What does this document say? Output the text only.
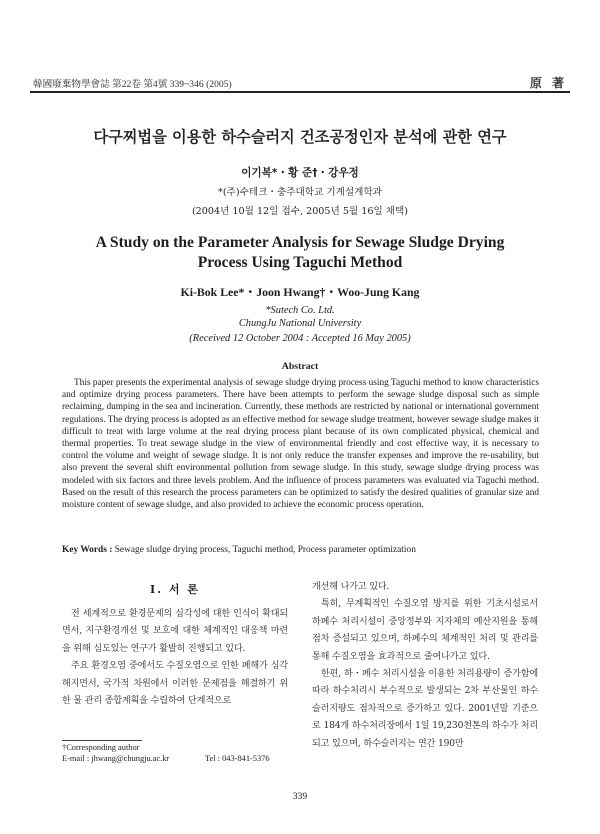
韓國廢棄物學會誌 第22卷 第4號 339~346 (2005)	原 著
다구찌법을 이용한 하수슬러지 건조공정인자 분석에 관한 연구
이기복*・황 준†・강우정
*(주)수테크・충주대학교 기계설계학과
(2004년 10월 12일 접수, 2005년 5월 16일 채택)
A Study on the Parameter Analysis for Sewage Sludge Drying
Process Using Taguchi Method
Ki-Bok Lee*・Joon Hwang†・Woo-Jung Kang
*Sutech Co. Ltd.
ChungJu National University
(Received 12 October 2004 : Accepted 16 May 2005)
Abstract

This paper presents the experimental analysis of sewage sludge drying process using Taguchi method to know characteristics and optimize drying process parameters. There have been attempts to perform the sewage sludge disposal such as simple reclaiming, dumping in the sea and incineration. Currently, these methods are restricted by national or international government regulations. The drying process is adopted as an effective method for sewage sludge treatment, however sewage sludge makes it difficult to treat with large volume at the real drying process plant because of its own complicated physical, chemical and thermal properties. To treat sewage sludge in the view of environmental friendly and cost effective way, it is necessary to control the volume and weight of sewage sludge. It is not only reduce the transfer expenses and improve the re-usability, but also prevent the several shift environmental pollution from sewage sludge. In this study, sewage sludge drying process was modeled with six factors and three levels problem. And the influence of process parameters was evaluated via Taguchi method. Based on the result of this research the process parameters can be optimized to satisfy the desired qualities of granular size and moisture content of sewage sludge, and also provided to achieve the economic process operation.

Key Words : Sewage sludge drying process, Taguchi method, Process parameter optimization
I. 서 론

전 세계적으로 환경문제의 심각성에 대한 인식이 확대되면서, 지구환경개선 및 보호에 대한 체계적인 대응책 마련을 위해 심도있는 연구가 활발히 진행되고 있다.

주요 환경오염 중에서도 수질오염으로 인한 폐해가 심각해지면서, 국가적 차원에서 이러한 문제점을 해결하기 위한 물 관리 종합계획을 수립하여 단계적으로

개선해 나가고 있다.

특히, 무계획적인 수질오염 방지를 위한 기초시설로서 하폐수 처리시설이 중앙정부와 지자체의 예산지원을 통해 점차 증설되고 있으며, 하폐수의 체계적인 처리 및 관리를 통해 수질오염을 효과적으로 줄여나가고 있다.

한편, 하・폐수 처리시설을 이용한 처리용량이 증가함에 따라 하수처리시 부수적으로 발생되는 2차 부산물인 하수슬러지량도 점차적으로 증가하고 있다. 2001년말 기준으로 184개 하수처리장에서 1일 19,230천톤의 하수가 처리되고 있으며, 하수슬러지는 연간 190만

†Corresponding author
E-mail : jhwang@chungju.ac.kr	Tel : 043-841-5376
339
